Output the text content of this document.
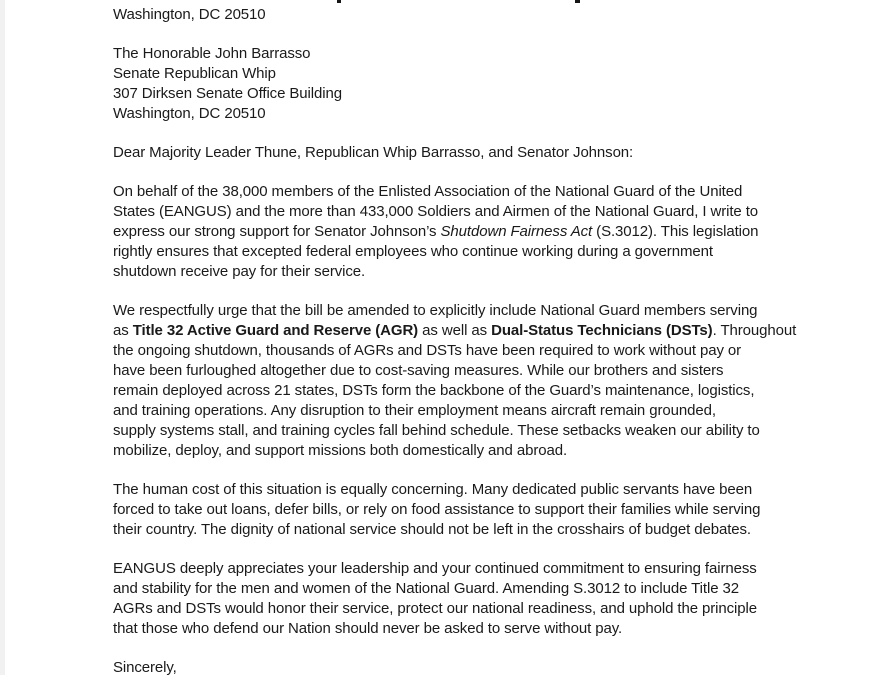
Washington, DC 20510
The Honorable John Barrasso
Senate Republican Whip
307 Dirksen Senate Office Building
Washington, DC 20510
Dear Majority Leader Thune, Republican Whip Barrasso, and Senator Johnson:
On behalf of the 38,000 members of the Enlisted Association of the National Guard of the United
States (EANGUS) and the more than 433,000 Soldiers and Airmen of the National Guard, I write to
express our strong support for Senator Johnson’s Shutdown Fairness Act (S.3012). This legislation
rightly ensures that excepted federal employees who continue working during a government
shutdown receive pay for their service.
We respectfully urge that the bill be amended to explicitly include National Guard members serving
as Title 32 Active Guard and Reserve (AGR) as well as Dual-Status Technicians (DSTs). Throughout
the ongoing shutdown, thousands of AGRs and DSTs have been required to work without pay or
have been furloughed altogether due to cost-saving measures. While our brothers and sisters
remain deployed across 21 states, DSTs form the backbone of the Guard’s maintenance, logistics,
and training operations. Any disruption to their employment means aircraft remain grounded,
supply systems stall, and training cycles fall behind schedule. These setbacks weaken our ability to
mobilize, deploy, and support missions both domestically and abroad.
The human cost of this situation is equally concerning. Many dedicated public servants have been
forced to take out loans, defer bills, or rely on food assistance to support their families while serving
their country. The dignity of national service should not be left in the crosshairs of budget debates.
EANGUS deeply appreciates your leadership and your continued commitment to ensuring fairness
and stability for the men and women of the National Guard. Amending S.3012 to include Title 32
AGRs and DSTs would honor their service, protect our national readiness, and uphold the principle
that those who defend our Nation should never be asked to serve without pay.
Sincerely,
